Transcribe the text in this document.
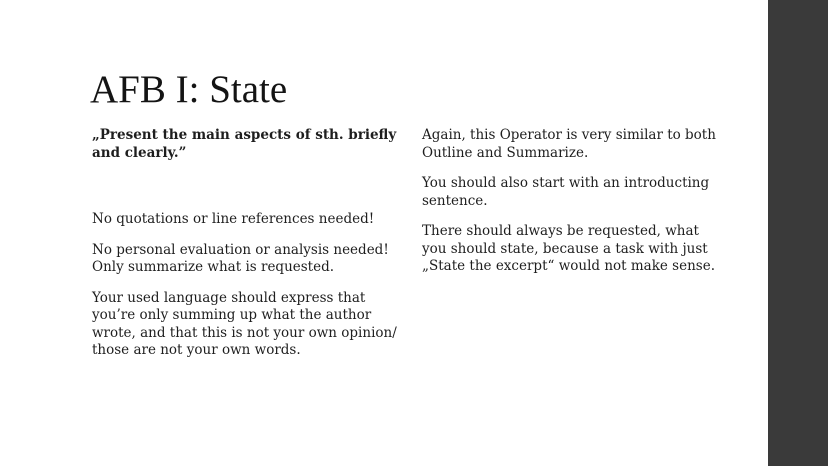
AFB I: State

„Present the main aspects of sth. briefly and clearly.”

No quotations or line references needed!

No personal evaluation or analysis needed! Only summarize what is requested.

Your used language should express that you’re only summing up what the author wrote, and that this is not your own opinion/ those are not your own words.

Again, this Operator is very similar to both Outline and Summarize.

You should also start with an introducting sentence.

There should always be requested, what you should state, because a task with just „State the excerpt“ would not make sense.
